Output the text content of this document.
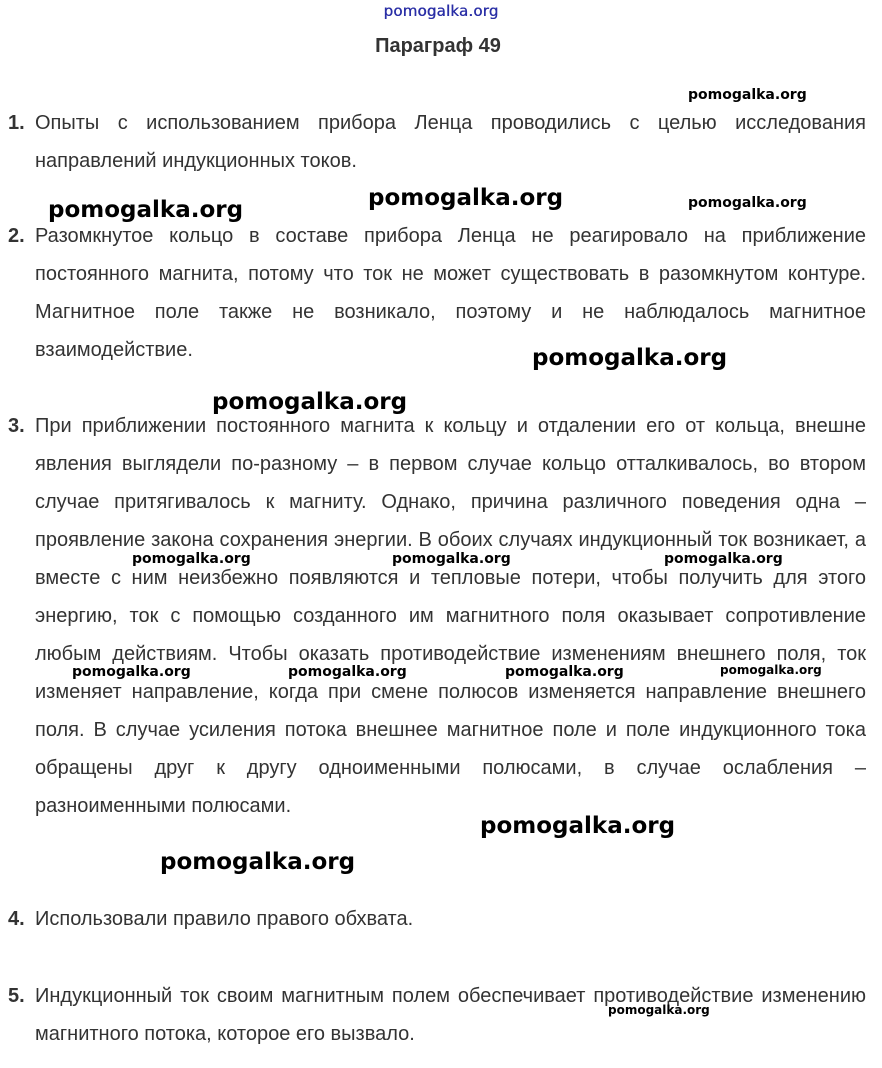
pomogalka.org
Параграф 49
1. Опыты с использованием прибора Ленца проводились с целью исследования направлений индукционных токов.
2. Разомкнутое кольцо в составе прибора Ленца не реагировало на приближение постоянного магнита, потому что ток не может существовать в разомкнутом контуре. Магнитное поле также не возникало, поэтому и не наблюдалось магнитное взаимодействие.
3. При приближении постоянного магнита к кольцу и отдалении его от кольца, внешне явления выглядели по-разному – в первом случае кольцо отталкивалось, во втором случае притягивалось к магниту. Однако, причина различного поведения одна – проявление закона сохранения энергии. В обоих случаях индукционный ток возникает, а вместе с ним неизбежно появляются и тепловые потери, чтобы получить для этого энергию, ток с помощью созданного им магнитного поля оказывает сопротивление любым действиям. Чтобы оказать противодействие изменениям внешнего поля, ток изменяет направление, когда при смене полюсов изменяется направление внешнего поля. В случае усиления потока внешнее магнитное поле и поле индукционного тока обращены друг к другу одноименными полюсами, в случае ослабления – разноименными полюсами.
4. Использовали правило правого обхвата.
5. Индукционный ток своим магнитным полем обеспечивает противодействие изменению магнитного потока, которое его вызвало.
pomogalka.org
pomogalka.org	pomogalka.org	pomogalka.org
pomogalka.org
pomogalka.org
pomogalka.org	pomogalka.org	pomogalka.org
pomogalka.org	pomogalka.org	pomogalka.org	pomogalka.org
pomogalka.org
pomogalka.org
pomogalka.org
